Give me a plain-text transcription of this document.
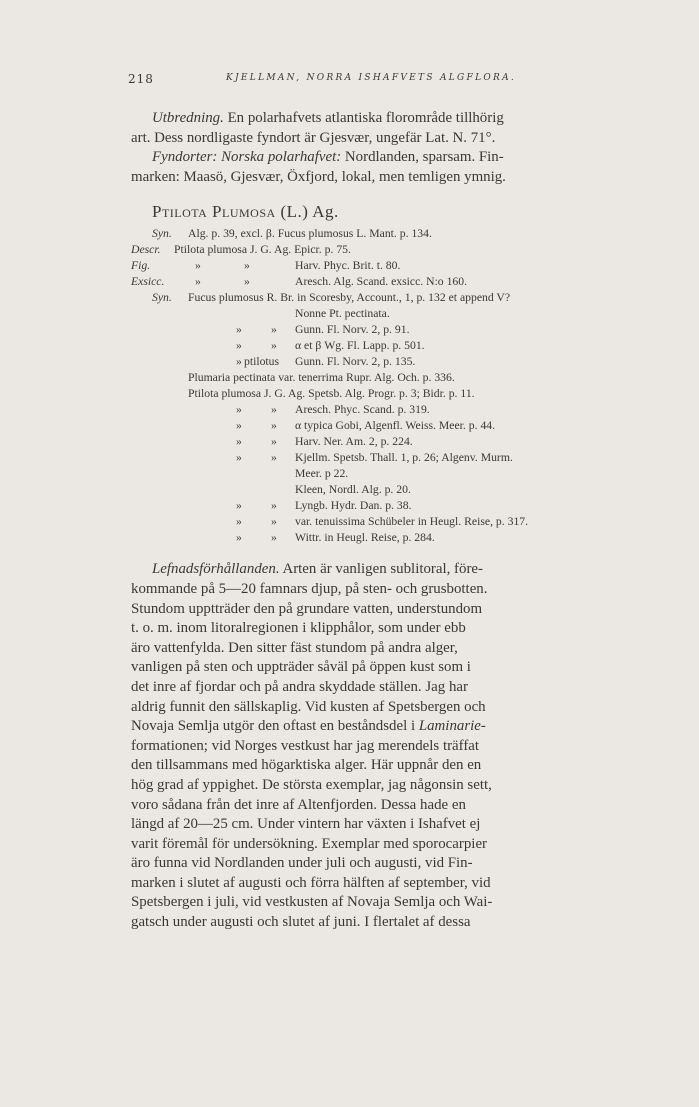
218	KJELLMAN, NORRA ISHAFVETS ALGFLORA.

Utbredning. En polarhafvets atlantiska florområde tillhörig

art. Dess nordligaste fyndort är Gjesvær, ungefär Lat. N. 71°.

Fyndorter: Norska polarhafvet: Nordlanden, sparsam. Fin-

marken: Maasö, Gjesvær, Öxfjord, lokal, men temligen ymnig.

Ptilota Plumosa (L.) Ag.

Syn. Alg. p. 39, excl. β. Fucus plumosus L. Mant. p. 134.
Descr. Ptilota plumosa J. G. Ag. Epicr. p. 75.
Fig.	»	»	Harv. Phyc. Brit. t. 80.
Exsicc.	»	»	Aresch. Alg. Scand. exsicc. N:o 160.
Syn. Fucus plumosus R. Br. in Scoresby, Account., 1, p. 132 et append V?
Nonne Pt. pectinata.
» » Gunn. Fl. Norv. 2, p. 91.
» » α et β Wg. Fl. Lapp. p. 501.
» ptilotus Gunn. Fl. Norv. 2, p. 135.
Plumaria pectinata var. tenerrima Rupr. Alg. Och. p. 336.
Ptilota plumosa J. G. Ag. Spetsb. Alg. Progr. p. 3; Bidr. p. 11.
» » Aresch. Phyc. Scand. p. 319.
» » α typica Gobi, Algenfl. Weiss. Meer. p. 44.
» » Harv. Ner. Am. 2, p. 224.
» » Kjellm. Spetsb. Thall. 1, p. 26; Algenv. Murm.
Meer. p 22.
Kleen, Nordl. Alg. p. 20.
» » Lyngb. Hydr. Dan. p. 38.
» » var. tenuissima Schübeler in Heugl. Reise, p. 317.
» » Wittr. in Heugl. Reise, p. 284.

Lefnadsförhållanden. Arten är vanligen sublitoral, före-

kommande på 5—20 famnars djup, på sten- och grusbotten.

Stundom upptträder den på grundare vatten, understundom

t. o. m. inom litoralregionen i klipphålor, som under ebb

äro vattenfylda. Den sitter fäst stundom på andra alger,

vanligen på sten och uppträder såväl på öppen kust som i

det inre af fjordar och på andra skyddade ställen. Jag har

aldrig funnit den sällskaplig. Vid kusten af Spetsbergen och

Novaja Semlja utgör den oftast en beståndsdel i Laminarie-

formationen; vid Norges vestkust har jag merendels träffat

den tillsammans med högarktiska alger. Här uppnår den en

hög grad af yppighet. De största exemplar, jag någonsin sett,

voro sådana från det inre af Altenfjorden. Dessa hade en

längd af 20—25 cm. Under vintern har växten i Ishafvet ej

varit föremål för undersökning. Exemplar med sporocarpier

äro funna vid Nordlanden under juli och augusti, vid Fin-

marken i slutet af augusti och förra hälften af september, vid

Spetsbergen i juli, vid vestkusten af Novaja Semlja och Wai-

gatsch under augusti och slutet af juni. I flertalet af dessa
